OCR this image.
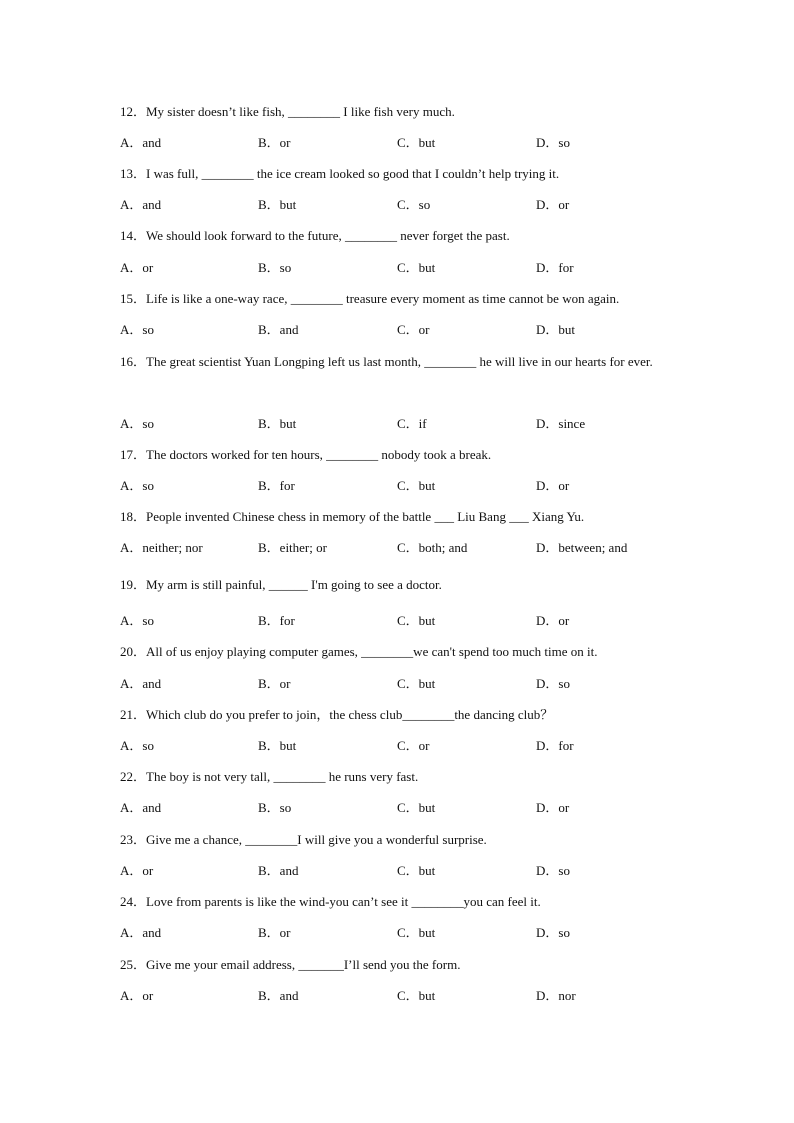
12．My sister doesn’t like fish, ________ I like fish very much.
A．and	B．or	C．but	D．so
13．I was full, ________ the ice cream looked so good that I couldn’t help trying it.
A．and	B．but	C．so	D．or
14．We should look forward to the future, ________ never forget the past.
A．or	B．so	C．but	D．for
15．Life is like a one-way race, ________ treasure every moment as time cannot be won again.
A．so	B．and	C．or	D．but
16．The great scientist Yuan Longping left us last month, ________ he will live in our hearts for ever.
A．so	B．but	C．if	D．since
17．The doctors worked for ten hours, ________ nobody took a break.
A．so	B．for	C．but	D．or
18．People invented Chinese chess in memory of the battle ___ Liu Bang ___ Xiang Yu.
A．neither; nor	B．either; or	C．both; and	D．between; and
19．My arm is still painful, ______ I'm going to see a doctor.
A．so	B．for	C．but	D．or
20．All of us enjoy playing computer games, ________we can't spend too much time on it.
A．and	B．or	C．but	D．so
21．Which club do you prefer to join，the chess club________the dancing club？
A．so	B．but	C．or	D．for
22．The boy is not very tall, ________ he runs very fast.
A．and	B．so	C．but	D．or
23．Give me a chance, ________I will give you a wonderful surprise.
A．or	B．and	C．but	D．so
24．Love from parents is like the wind-you can’t see it ________you can feel it.
A．and	B．or	C．but	D．so
25．Give me your email address, _______I’ll send you the form.
A．or	B．and	C．but	D．nor
